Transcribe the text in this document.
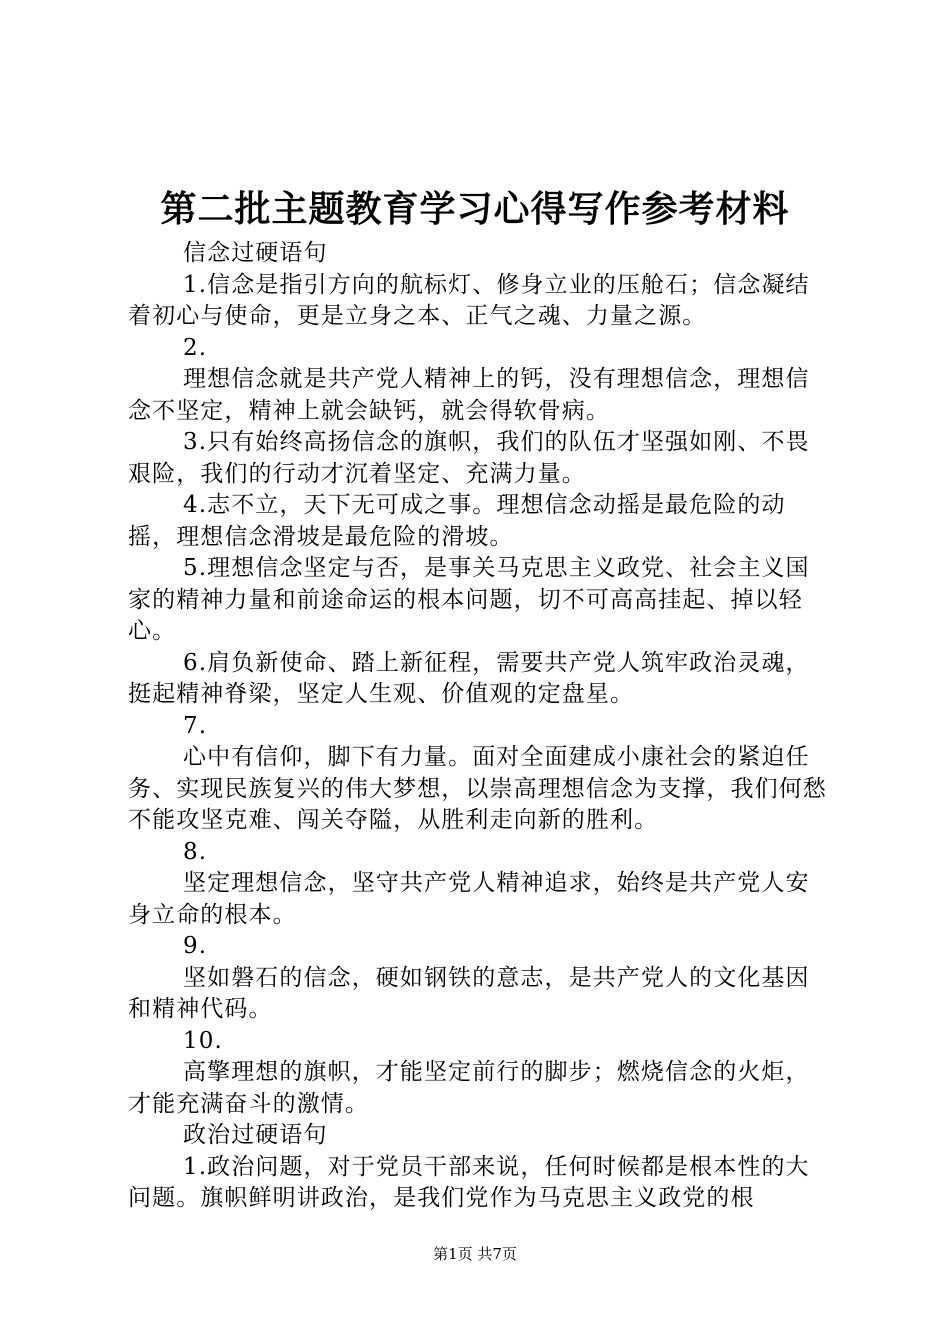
第二批主题教育学习心得写作参考材料

信念过硬语句

1.信念是指引方向的航标灯、修身立业的压舱石；信念凝结着初心与使命，更是立身之本、正气之魂、力量之源。

2.

理想信念就是共产党人精神上的钙，没有理想信念，理想信念不坚定，精神上就会缺钙，就会得软骨病。

3.只有始终高扬信念的旗帜，我们的队伍才坚强如刚、不畏艰险，我们的行动才沉着坚定、充满力量。

4.志不立，天下无可成之事。理想信念动摇是最危险的动摇，理想信念滑坡是最危险的滑坡。

5.理想信念坚定与否，是事关马克思主义政党、社会主义国家的精神力量和前途命运的根本问题，切不可高高挂起、掉以轻心。

6.肩负新使命、踏上新征程，需要共产党人筑牢政治灵魂，挺起精神脊梁，坚定人生观、价值观的定盘星。

7.

心中有信仰，脚下有力量。面对全面建成小康社会的紧迫任务、实现民族复兴的伟大梦想，以崇高理想信念为支撑，我们何愁不能攻坚克难、闯关夺隘，从胜利走向新的胜利。

8.

坚定理想信念，坚守共产党人精神追求，始终是共产党人安身立命的根本。

9.

坚如磐石的信念，硬如钢铁的意志，是共产党人的文化基因和精神代码。

10.

高擎理想的旗帜，才能坚定前行的脚步；燃烧信念的火炬，才能充满奋斗的激情。

政治过硬语句

1.政治问题，对于党员干部来说，任何时候都是根本性的大问题。旗帜鲜明讲政治，是我们党作为马克思主义政党的根

第1页 共7页
